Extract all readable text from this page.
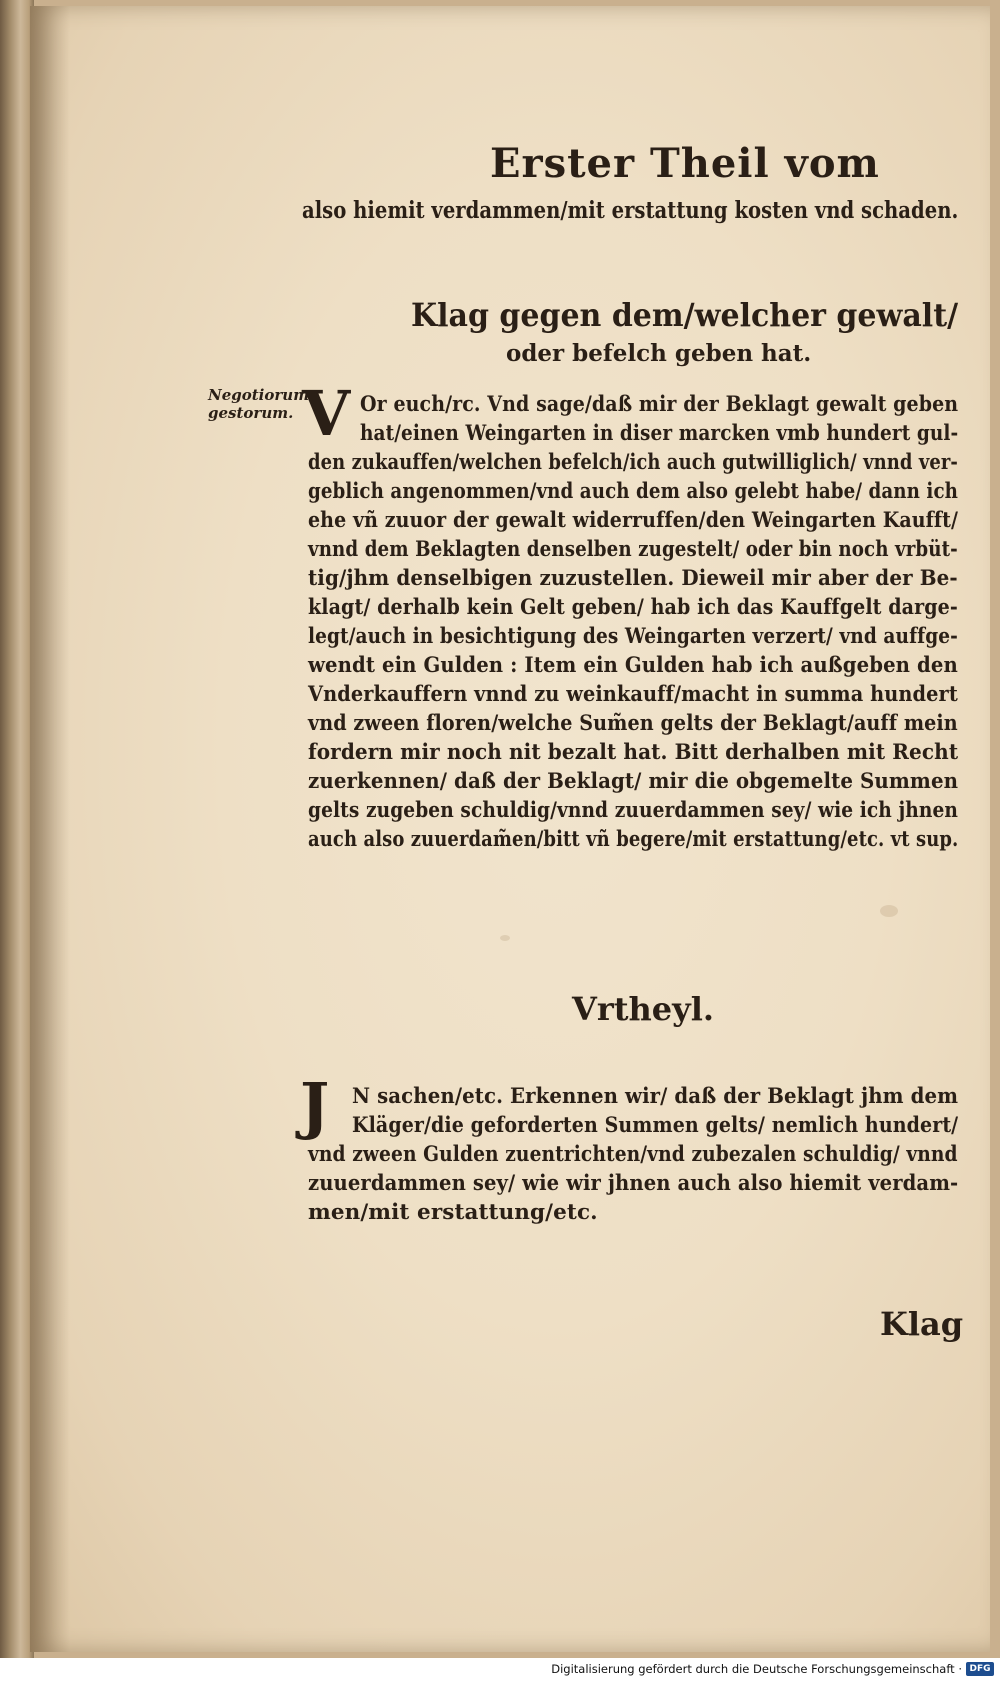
Erster Theil vom

also hiemit verdammen/mit erstattung kosten vnd schaden.

Klag gegen dem/welcher gewalt/

oder befelch geben hat.

Negotiorum
gestorum. V Or euch/rc. Vnd sage/daß mir der Beklagt gewalt geben

hat/einen Weingarten in diser marcken vmb hundert gul-

den zukauffen/welchen befelch/ich auch gutwilliglich/ vnnd ver-

geblich angenommen/vnd auch dem also gelebt habe/ dann ich

ehe vñ zuuor der gewalt widerruffen/den Weingarten Kaufft/

vnnd dem Beklagten denselben zugestelt/ oder bin noch vrbüt-

tig/jhm denselbigen zuzustellen. Dieweil mir aber der Be-

klagt/ derhalb kein Gelt geben/ hab ich das Kauffgelt darge-

legt/auch in besichtigung des Weingarten verzert/ vnd auffge-

wendt ein Gulden : Item ein Gulden hab ich außgeben den

Vnderkauffern vnnd zu weinkauff/macht in summa hundert

vnd zween floren/welche Sum̃en gelts der Beklagt/auff mein

fordern mir noch nit bezalt hat. Bitt derhalben mit Recht

zuerkennen/ daß der Beklagt/ mir die obgemelte Summen

gelts zugeben schuldig/vnnd zuuerdammen sey/ wie ich jhnen

auch also zuuerdam̃en/bitt vñ begere/mit erstattung/etc. vt sup.

Vrtheyl.
J	N sachen/etc. Erkennen wir/ daß der Beklagt jhm dem

Kläger/die geforderten Summen gelts/ nemlich hundert/

vnd zween Gulden zuentrichten/vnd zubezalen schuldig/ vnnd

zuuerdammen sey/ wie wir jhnen auch also hiemit verdam-

men/mit erstattung/etc.

Klag

Digitalisierung gefördert durch die Deutsche Forschungsgemeinschaft · DFG
